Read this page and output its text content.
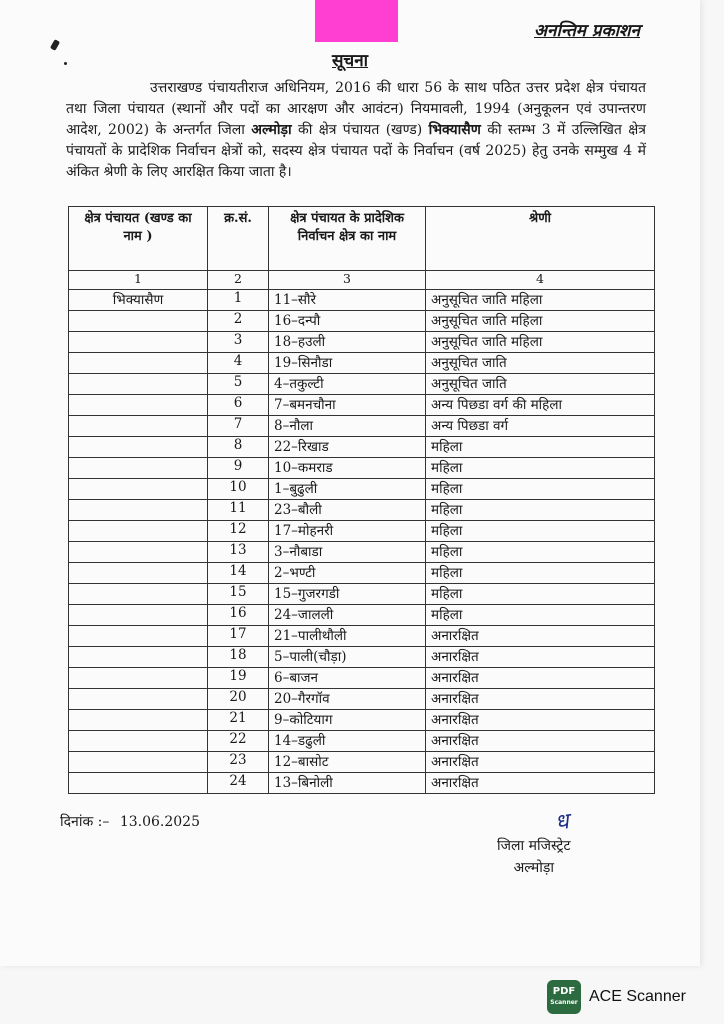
अनन्तिम प्रकाशन
सूचना
उत्तराखण्ड पंचायतीराज अधिनियम, 2016 की धारा 56 के साथ पठित उत्तर प्रदेश क्षेत्र पंचायत तथा जिला पंचायत (स्थानों और पदों का आरक्षण और आवंटन) नियमावली, 1994 (अनुकूलन एवं उपान्तरण आदेश, 2002) के अन्तर्गत जिला अल्मोड़ा की क्षेत्र पंचायत (खण्ड) भिक्यासैण की स्तम्भ 3 में उल्लिखित क्षेत्र पंचायतों के प्रादेशिक निर्वाचन क्षेत्रों को, सदस्य क्षेत्र पंचायत पदों के निर्वाचन (वर्ष 2025) हेतु उनके सम्मुख 4 में अंकित श्रेणी के लिए आरक्षित किया जाता है।
क्षेत्र पंचायत (खण्ड का नाम )	क्र.सं.	क्षेत्र पंचायत के प्रादेशिक निर्वाचन क्षेत्र का नाम	श्रेणी
1	2	3	4
भिक्यासैण	1	11–सौरे	अनुसूचित जाति महिला
	2	16–दन्पौ	अनुसूचित जाति महिला
	3	18–हउली	अनुसूचित जाति महिला
	4	19–सिनौडा	अनुसूचित जाति
	5	4–तकुल्टी	अनुसूचित जाति
	6	7–बमनचौना	अन्य पिछडा वर्ग की महिला
	7	8–नौला	अन्य पिछडा वर्ग
	8	22–रिखाड	महिला
	9	10–कमराड	महिला
	10	1–बुढुली	महिला
	11	23–बौली	महिला
	12	17–मोहनरी	महिला
	13	3–नौबाडा	महिला
	14	2–भण्टी	महिला
	15	15–गुजरगडी	महिला
	16	24–जालली	महिला
	17	21–पालीथौली	अनारक्षित
	18	5–पाली(चौड़ा)	अनारक्षित
	19	6–बाजन	अनारक्षित
	20	20–गैरगॉव	अनारक्षित
	21	9–कोटियाग	अनारक्षित
	22	14–डढुली	अनारक्षित
	23	12–बासोट	अनारक्षित
	24	13–बिनोली	अनारक्षित
दिनांक :– 13.06.2025	ध
जिला मजिस्ट्रेट
अल्मोड़ा
PDF
Scanner ACE Scanner
